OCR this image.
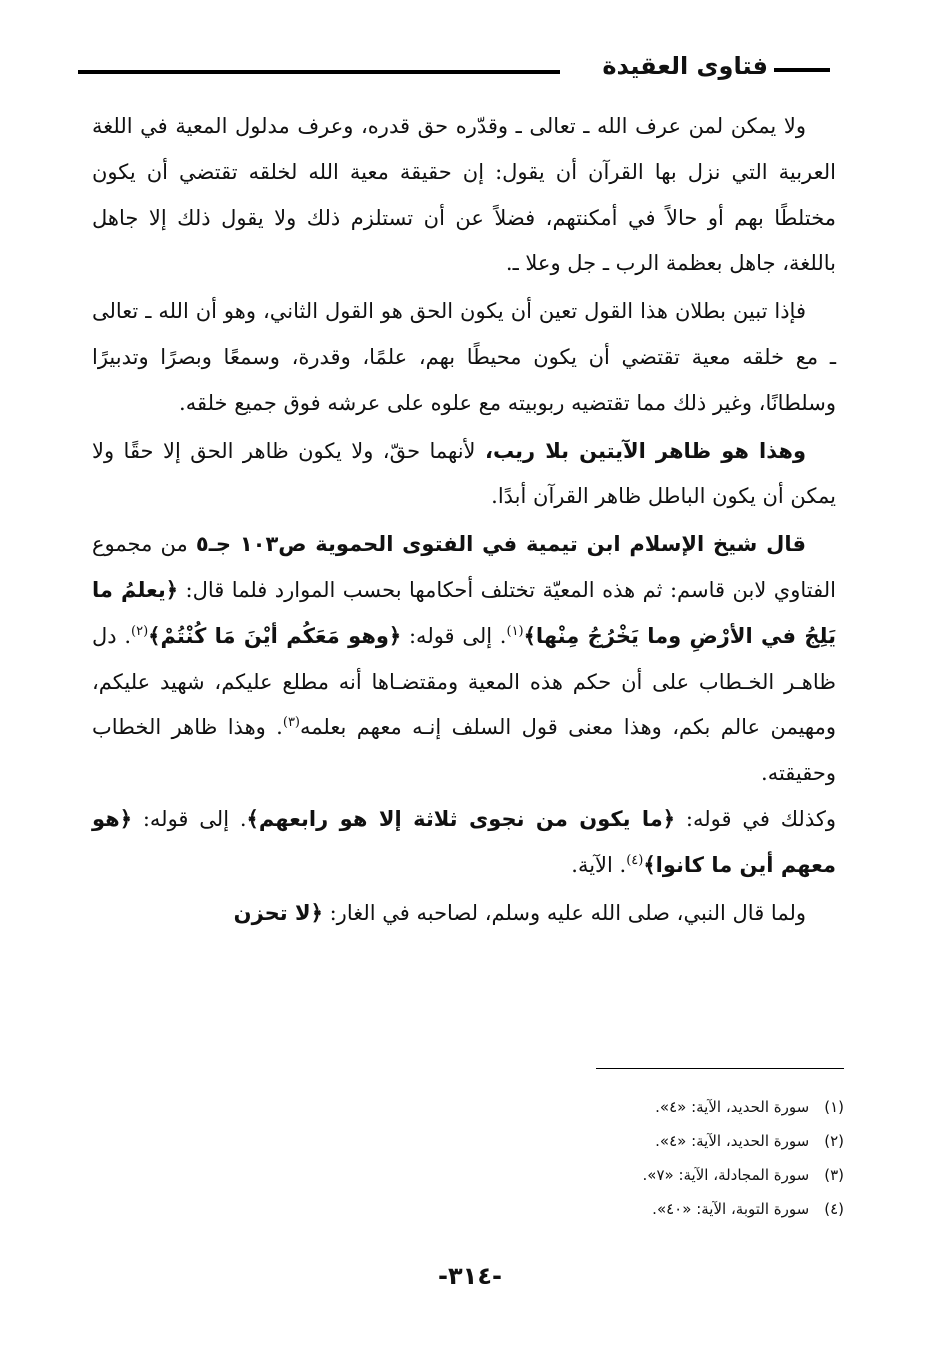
فتاوى العقيدة

ولا يمكن لمن عرف الله ـ تعالى ـ وقدّره حق قدره، وعرف مدلول المعية في اللغة العربية التي نزل بها القرآن أن يقول: إن حقيقة معية الله لخلقه تقتضي أن يكون مختلطًا بهم أو حالاً في أمكنتهم، فضلاً عن أن تستلزم ذلك ولا يقول ذلك إلا جاهل باللغة، جاهل بعظمة الرب ـ جل وعلا ـ.

فإذا تبين بطلان هذا القول تعين أن يكون الحق هو القول الثاني، وهو أن الله ـ تعالى ـ مع خلقه معية تقتضي أن يكون محيطًا بهم، علمًا، وقدرة، وسمعًا وبصرًا وتدبيرًا وسلطانًا، وغير ذلك مما تقتضيه ربوبيته مع علوه على عرشه فوق جميع خلقه.

وهذا هو ظاهر الآيتين بلا ريب، لأنهما حقّ، ولا يكون ظاهر الحق إلا حقًا ولا يمكن أن يكون الباطل ظاهر القرآن أبدًا.

قال شيخ الإسلام ابن تيمية في الفتوى الحموية ص١٠٣ جـ٥ من مجموع الفتاوي لابن قاسم: ثم هذه المعيّة تختلف أحكامها بحسب الموارد فلما قال: ﴿يعلمُ ما يَلِجُ في الأرْضِ وما يَخْرُجُ مِنْها﴾$^{(١)}$. إلى قوله: ﴿وهو مَعَكُم أيْنَ مَا كُنْتُمْ﴾$^{(٢)}$. دل ظاهـر الخـطاب على أن حكم هذه المعية ومقتضـاها أنه مطلع عليكم، شهيد عليكم، ومهيمن عالم بكم، وهذا معنى قول السلف إنـه معهم بعلمه$^{(٣)}$. وهذا ظاهر الخطاب وحقيقته.

وكذلك في قوله: ﴿ما يكون من نجوى ثلاثة إلا هو رابعهم﴾. إلى قوله: ﴿هو معهم أين ما كانوا﴾$^{(٤)}$. الآية.

ولما قال النبي، صلى الله عليه وسلم، لصاحبه في الغار: ﴿لا تحزن

(١) سورة الحديد، الآية: «٤».

(٢) سورة الحديد، الآية: «٤».

(٣) سورة المجادلة، الآية: «٧».

(٤) سورة التوبة، الآية: «٤٠».

-٣١٤-
